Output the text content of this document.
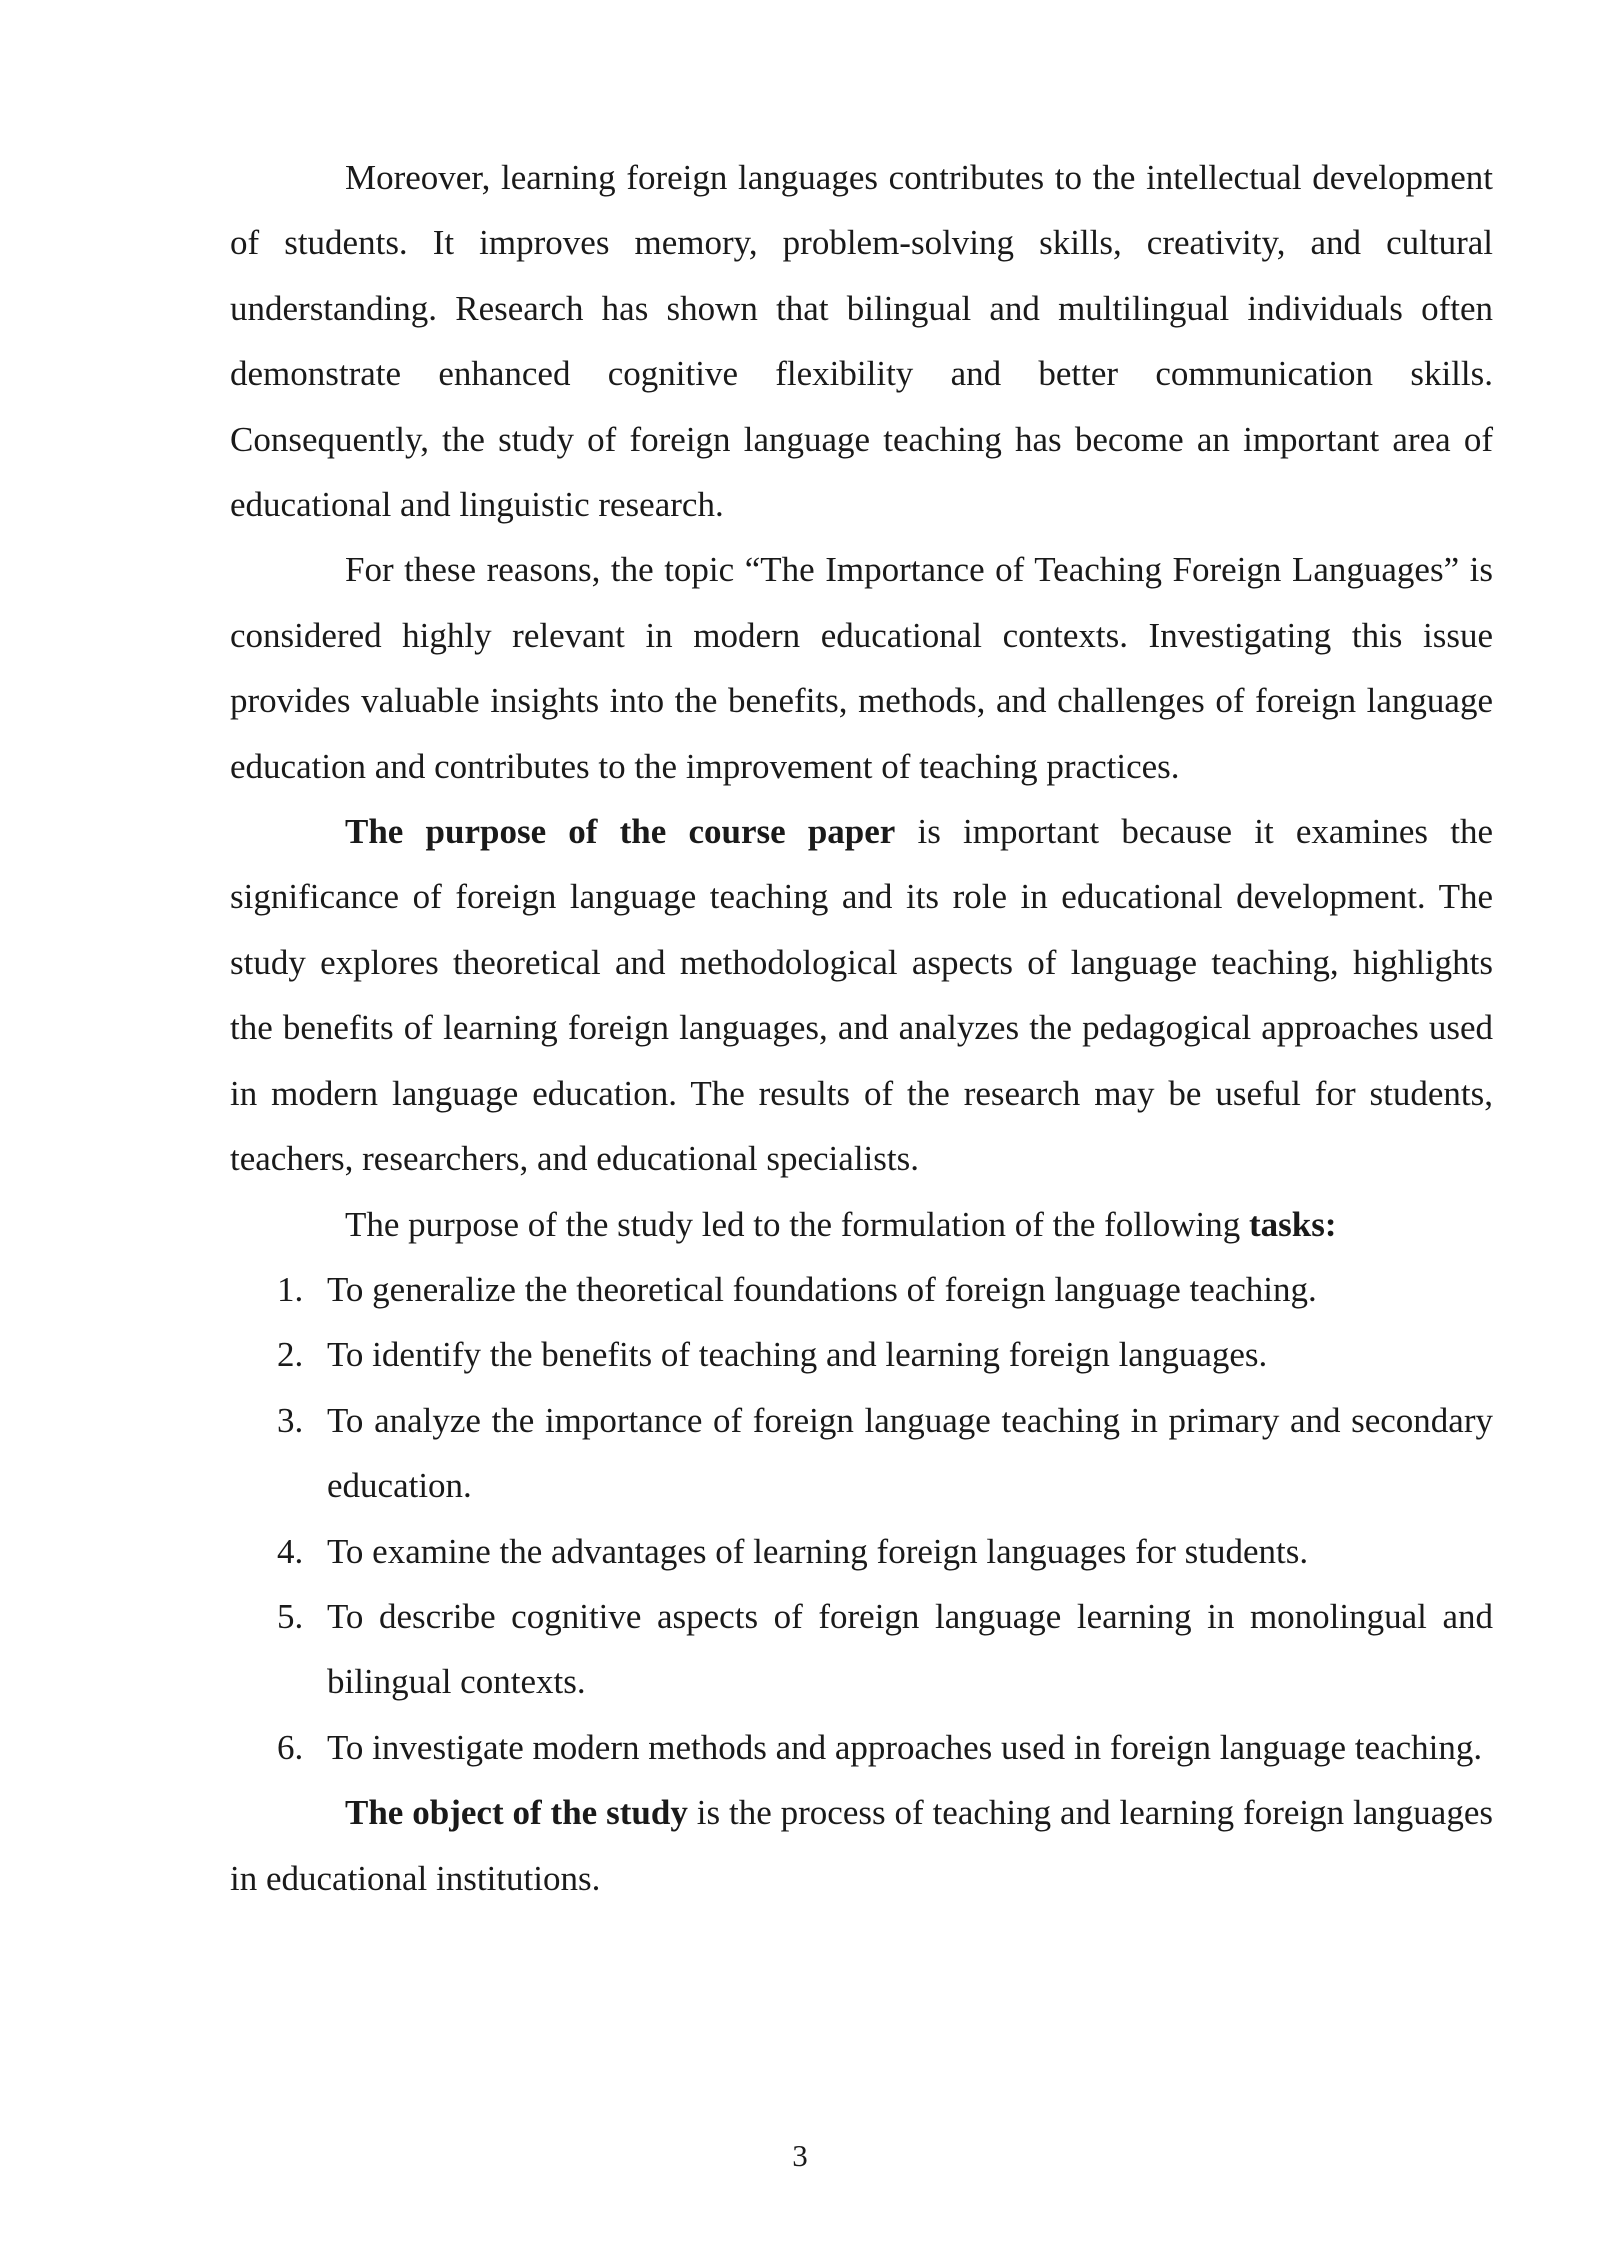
Moreover, learning foreign languages contributes to the intellectual development of students. It improves memory, problem-solving skills, creativity, and cultural understanding. Research has shown that bilingual and multilingual individuals often demonstrate enhanced cognitive flexibility and better communication skills. Consequently, the study of foreign language teaching has become an important area of educational and linguistic research.

For these reasons, the topic “The Importance of Teaching Foreign Languages” is considered highly relevant in modern educational contexts. Investigating this issue provides valuable insights into the benefits, methods, and challenges of foreign language education and contributes to the improvement of teaching practices.

The purpose of the course paper is important because it examines the significance of foreign language teaching and its role in educational development. The study explores theoretical and methodological aspects of language teaching, highlights the benefits of learning foreign languages, and analyzes the pedagogical approaches used in modern language education. The results of the research may be useful for students, teachers, researchers, and educational specialists.

The purpose of the study led to the formulation of the following tasks:

1. To generalize the theoretical foundations of foreign language teaching.
2. To identify the benefits of teaching and learning foreign languages.
3. To analyze the importance of foreign language teaching in primary and secondary education.
4. To examine the advantages of learning foreign languages for students.
5. To describe cognitive aspects of foreign language learning in monolingual and bilingual contexts.
6. To investigate modern methods and approaches used in foreign language teaching.

The object of the study is the process of teaching and learning foreign languages in educational institutions.

3
